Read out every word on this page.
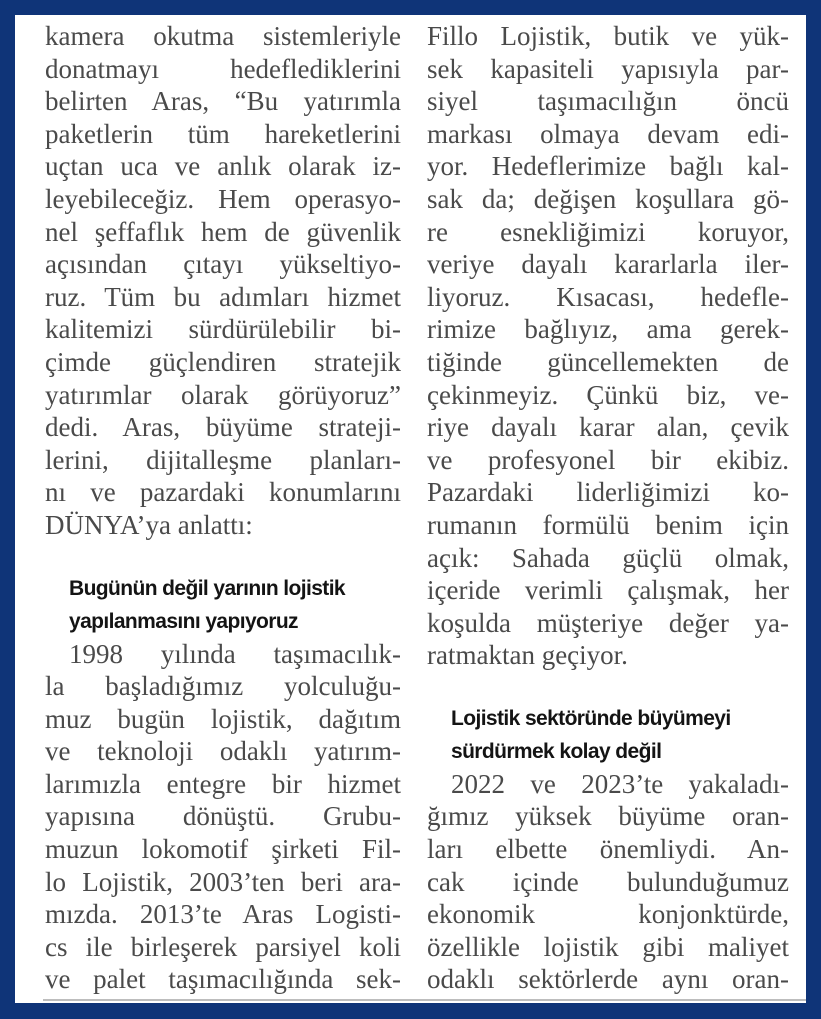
kamera okutma sistemleriyle
donatmayı hedeflediklerini
belirten Aras, “Bu yatırımla
paketlerin tüm hareketlerini
uçtan uca ve anlık olarak iz-
leyebileceğiz. Hem operasyo-
nel şeffaflık hem de güvenlik
açısından çıtayı yükseltiyo-
ruz. Tüm bu adımları hizmet
kalitemizi sürdürülebilir bi-
çimde güçlendiren stratejik
yatırımlar olarak görüyoruz”
dedi. Aras, büyüme strateji-
lerini, dijitalleşme planları-
nı ve pazardaki konumlarını
DÜNYA’ya anlattı:
Bugünün değil yarının lojistik
yapılanmasını yapıyoruz
1998 yılında taşımacılık-
la başladığımız yolculuğu-
muz bugün lojistik, dağıtım
ve teknoloji odaklı yatırım-
larımızla entegre bir hizmet
yapısına dönüştü. Grubu-
muzun lokomotif şirketi Fil-
lo Lojistik, 2003’ten beri ara-
mızda. 2013’te Aras Logisti-
cs ile birleşerek parsiyel koli
ve palet taşımacılığında sek-
Fillo Lojistik, butik ve yük-
sek kapasiteli yapısıyla par-
siyel taşımacılığın öncü
markası olmaya devam edi-
yor. Hedeflerimize bağlı kal-
sak da; değişen koşullara gö-
re esnekliğimizi koruyor,
veriye dayalı kararlarla iler-
liyoruz. Kısacası, hedefle-
rimize bağlıyız, ama gerek-
tiğinde güncellemekten de
çekinmeyiz. Çünkü biz, ve-
riye dayalı karar alan, çevik
ve profesyonel bir ekibiz.
Pazardaki liderliğimizi ko-
rumanın formülü benim için
açık: Sahada güçlü olmak,
içeride verimli çalışmak, her
koşulda müşteriye değer ya-
ratmaktan geçiyor.
Lojistik sektöründe büyümeyi
sürdürmek kolay değil
2022 ve 2023’te yakaladı-
ğımız yüksek büyüme oran-
ları elbette önemliydi. An-
cak içinde bulunduğumuz
ekonomik konjonktürde,
özellikle lojistik gibi maliyet
odaklı sektörlerde aynı oran-
